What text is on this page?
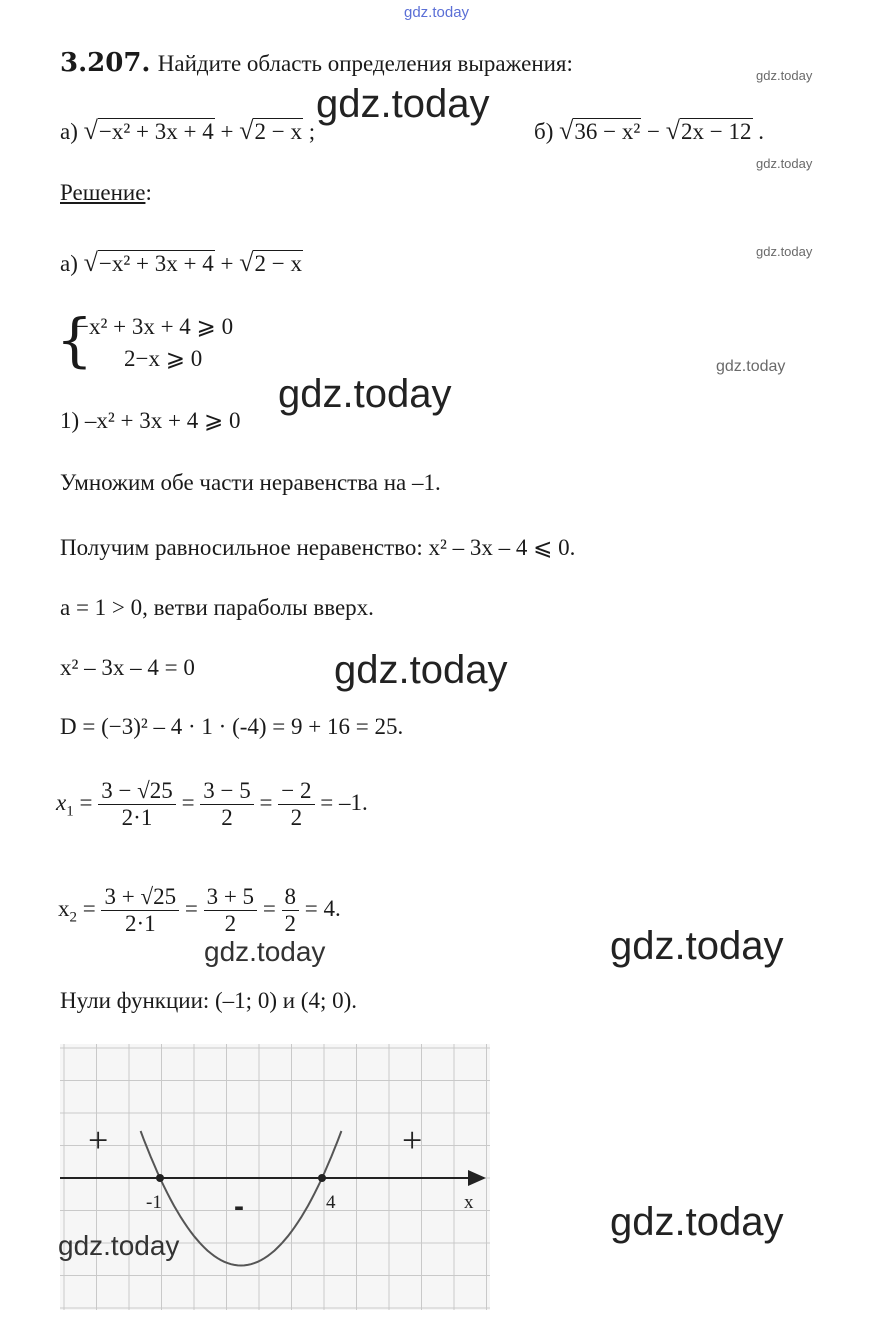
gdz.today
3.207. Найдите область определения выражения:
а) √−x² + 3x + 4 + √2 − x ;	б) √36 − x² − √2x − 12 .
Решение:
а) √−x² + 3x + 4 + √2 − x
{
−x² + 3x + 4 ⩾ 0
2−x ⩾ 0
1) –x² + 3x + 4 ⩾ 0
Умножим обе части неравенства на –1.
Получим равносильное неравенство: x² – 3x – 4 ⩽ 0.
a = 1 > 0, ветви параболы вверх.
x² – 3x – 4 = 0
D = (−3)² – 4 · 1 · (-4) = 9 + 16 = 25.
$x_1 = \frac{3 - √25}{2\cdot 1} = \frac{3 - 5}{2} = \frac{- 2}{2} = -1$.
$x_2 = \frac{3 + √25}{2\cdot 1} = \frac{3 + 5}{2} = \frac{8}{2} = 4$.
Нули функции: (–1; 0) и (4; 0).
-1	4	x
+
-
+
gdz.today
gdz.today
gdz.today
gdz.today
gdz.today
gdz.today
gdz.today
gdz.today	gdz.today
gdz.today
gdz.today
